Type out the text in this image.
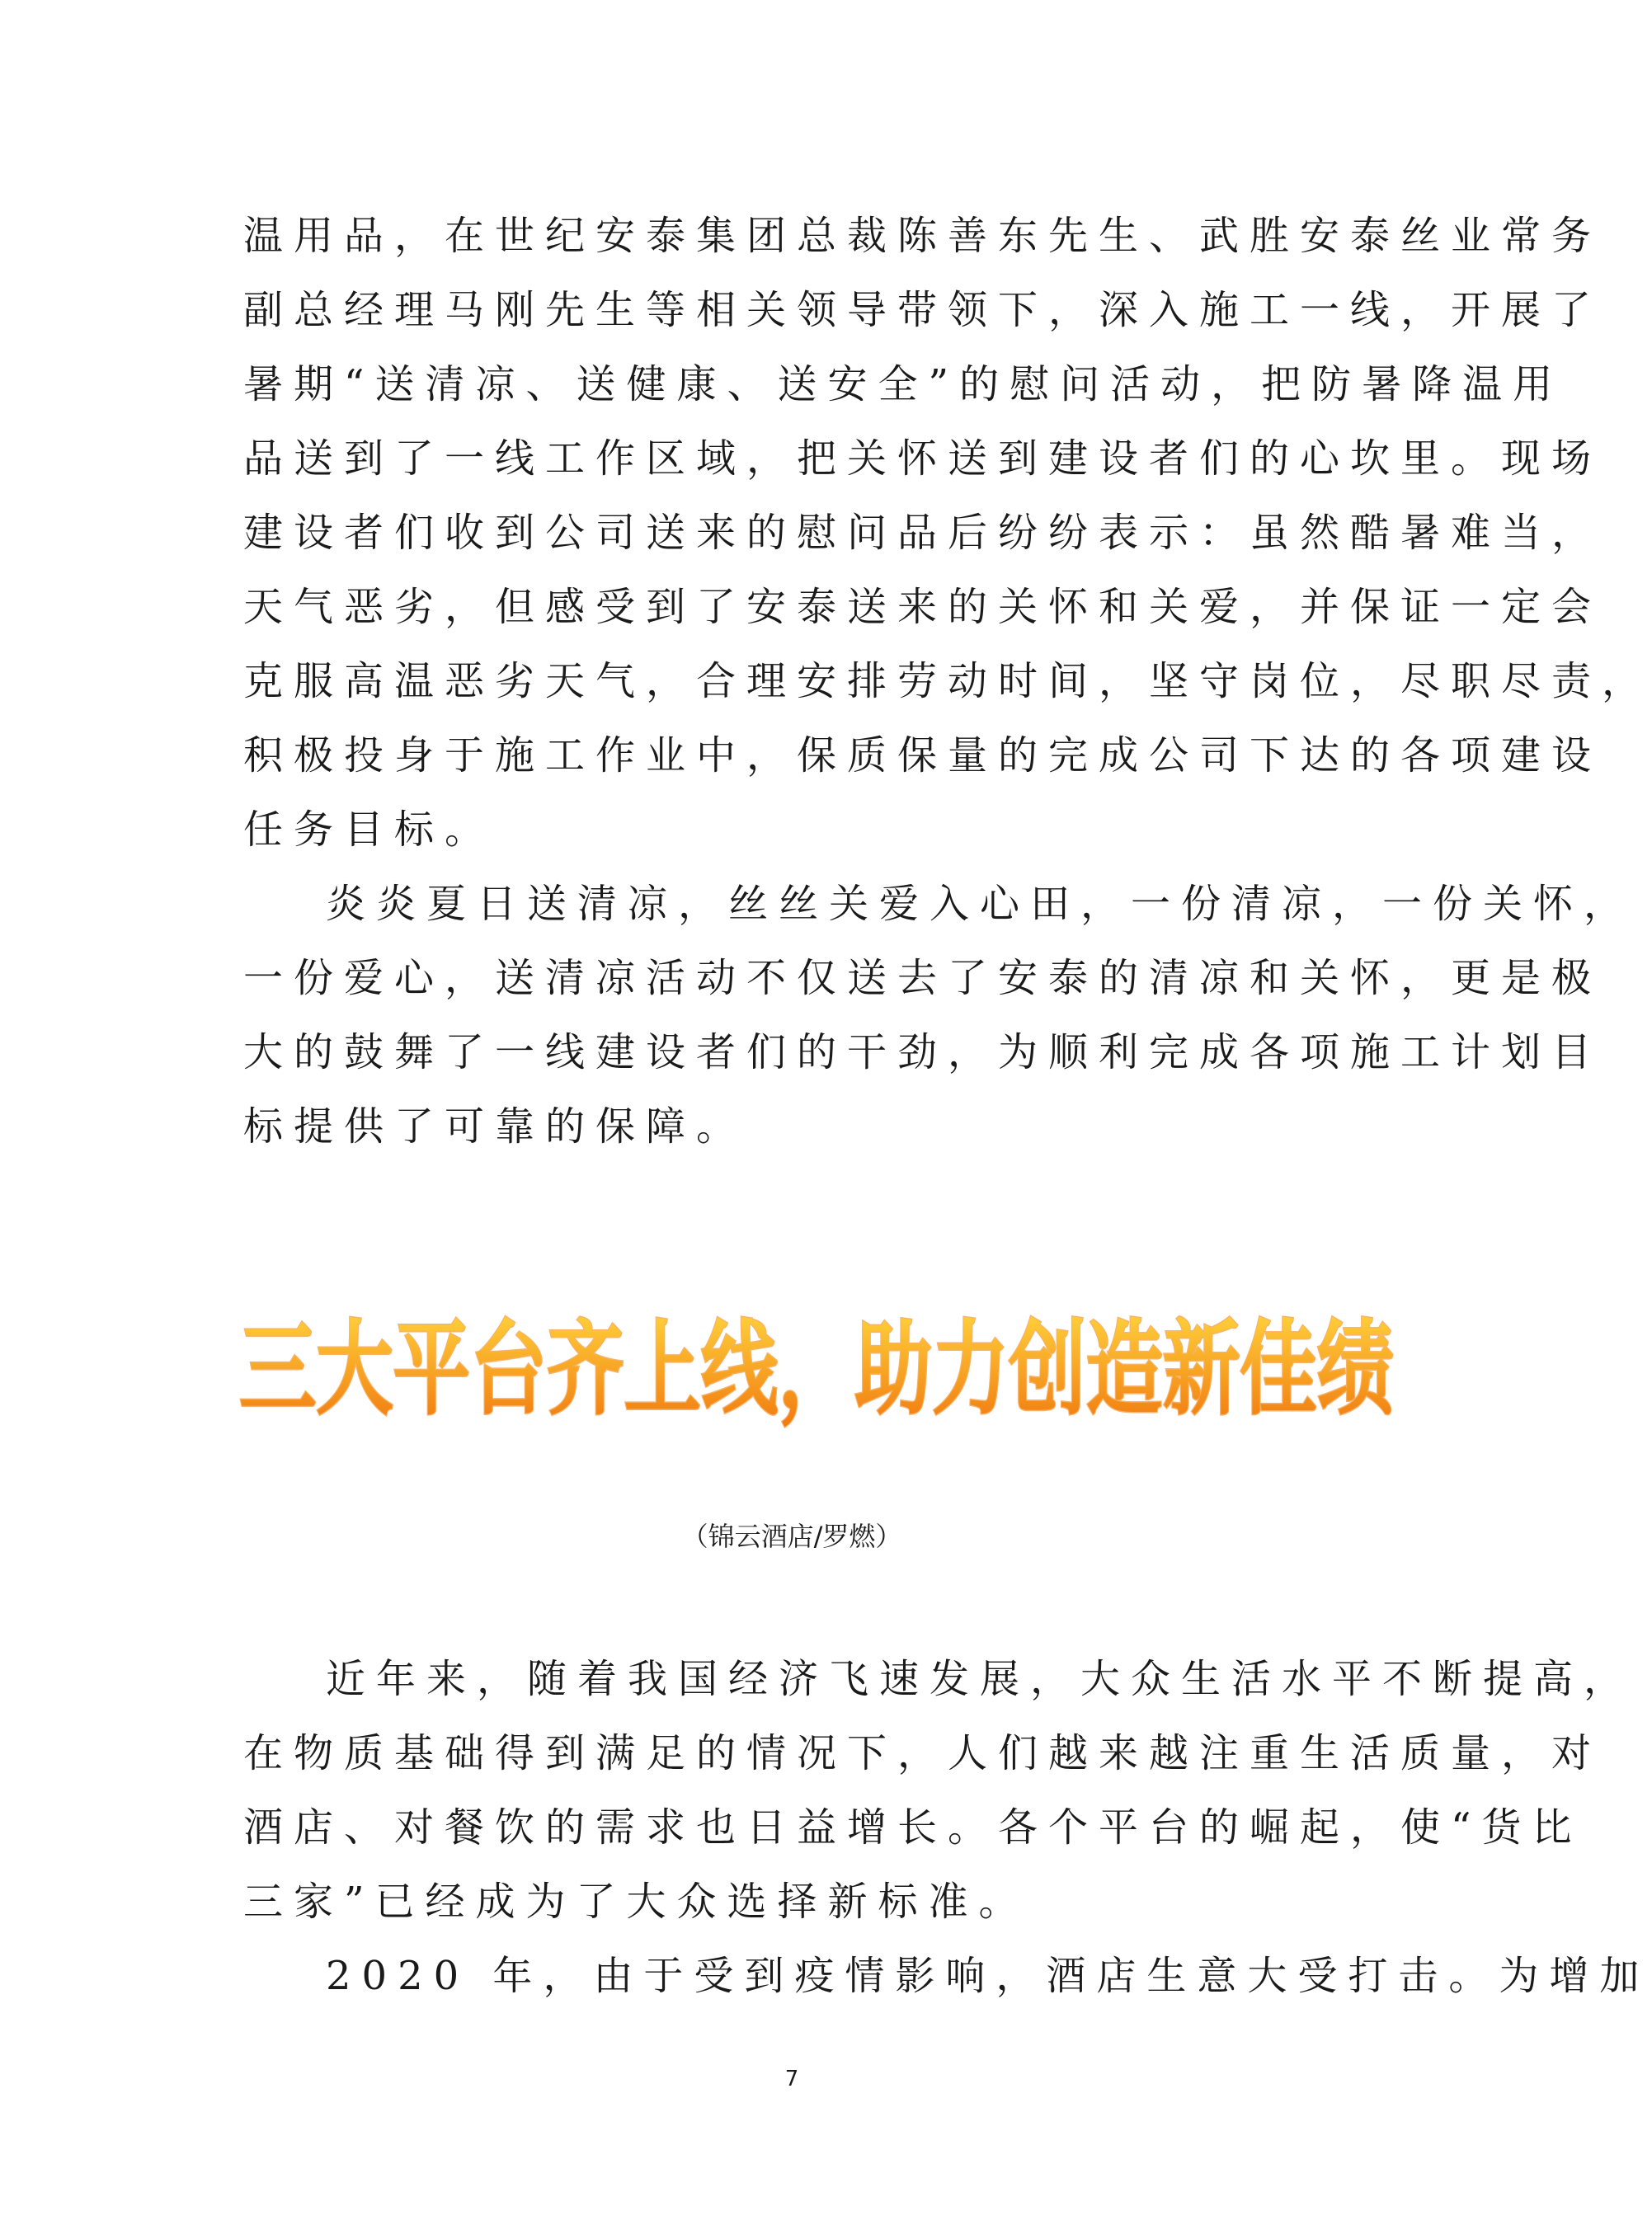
温用品，在世纪安泰集团总裁陈善东先生、武胜安泰丝业常务
副总经理马刚先生等相关领导带领下，深入施工一线，开展了
暑期“送清凉、送健康、送安全”的慰问活动，把防暑降温用
品送到了一线工作区域，把关怀送到建设者们的心坎里。现场
建设者们收到公司送来的慰问品后纷纷表示：虽然酷暑难当，
天气恶劣，但感受到了安泰送来的关怀和关爱，并保证一定会
克服高温恶劣天气，合理安排劳动时间，坚守岗位，尽职尽责，
积极投身于施工作业中，保质保量的完成公司下达的各项建设
任务目标。
炎炎夏日送清凉，丝丝关爱入心田，一份清凉，一份关怀，
一份爱心，送清凉活动不仅送去了安泰的清凉和关怀，更是极
大的鼓舞了一线建设者们的干劲，为顺利完成各项施工计划目
标提供了可靠的保障。
三大平台齐上线，助力创造新佳绩
（锦云酒店/罗燃）
近年来，随着我国经济飞速发展，大众生活水平不断提高，
在物质基础得到满足的情况下，人们越来越注重生活质量，对
酒店、对餐饮的需求也日益增长。各个平台的崛起，使“货比
三家”已经成为了大众选择新标准。
2020 年，由于受到疫情影响，酒店生意大受打击。为增加
7
